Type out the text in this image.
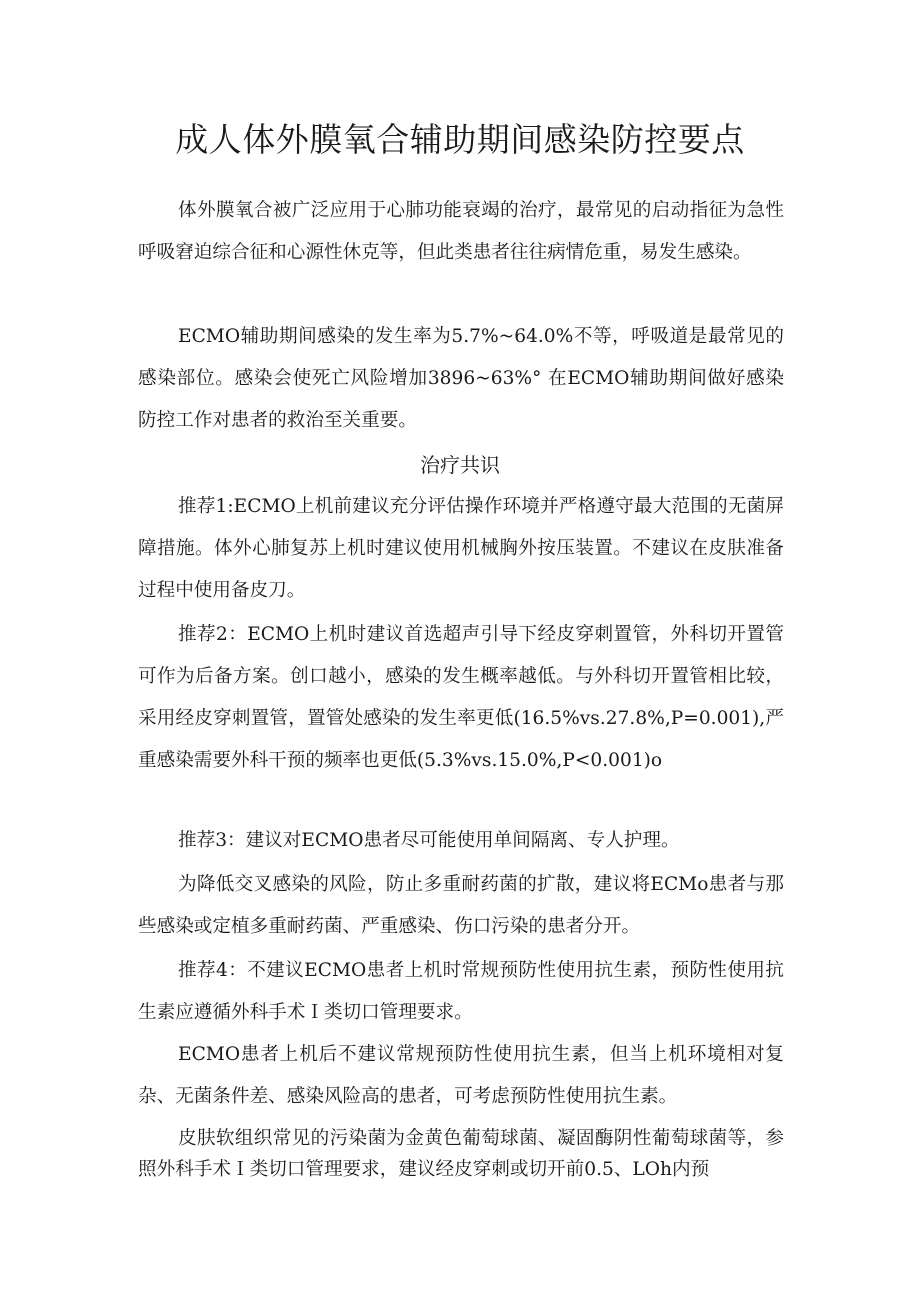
成人体外膜氧合辅助期间感染防控要点

体外膜氧合被广泛应用于心肺功能衰竭的治疗，最常见的启动指征为急性呼吸窘迫综合征和心源性休克等，但此类患者往往病情危重，易发生感染。

ECMO辅助期间感染的发生率为5.7%~64.0%不等，呼吸道是最常见的感染部位。感染会使死亡风险增加3896~63%° 在ECMO辅助期间做好感染防控工作对患者的救治至关重要。

治疗共识

推荐1:ECMO上机前建议充分评估操作环境并严格遵守最大范围的无菌屏障措施。体外心肺复苏上机时建议使用机械胸外按压装置。不建议在皮肤准备过程中使用备皮刀。

推荐2：ECMO上机时建议首选超声引导下经皮穿刺置管，外科切开置管可作为后备方案。创口越小，感染的发生概率越低。与外科切开置管相比较，采用经皮穿刺置管，置管处感染的发生率更低(16.5%vs.27.8%,P=0.001),严重感染需要外科干预的频率也更低(5.3%vs.15.0%,P<0.001)o

推荐3：建议对ECMO患者尽可能使用单间隔离、专人护理。

为降低交叉感染的风险，防止多重耐药菌的扩散，建议将ECMo患者与那些感染或定植多重耐药菌、严重感染、伤口污染的患者分开。

推荐4：不建议ECMO患者上机时常规预防性使用抗生素，预防性使用抗生素应遵循外科手术Ｉ类切口管理要求。

ECMO患者上机后不建议常规预防性使用抗生素，但当上机环境相对复杂、无菌条件差、感染风险高的患者，可考虑预防性使用抗生素。

皮肤软组织常见的污染菌为金黄色葡萄球菌、凝固酶阴性葡萄球菌等，参照外科手术Ｉ类切口管理要求，建议经皮穿刺或切开前0.5、LOh内预
